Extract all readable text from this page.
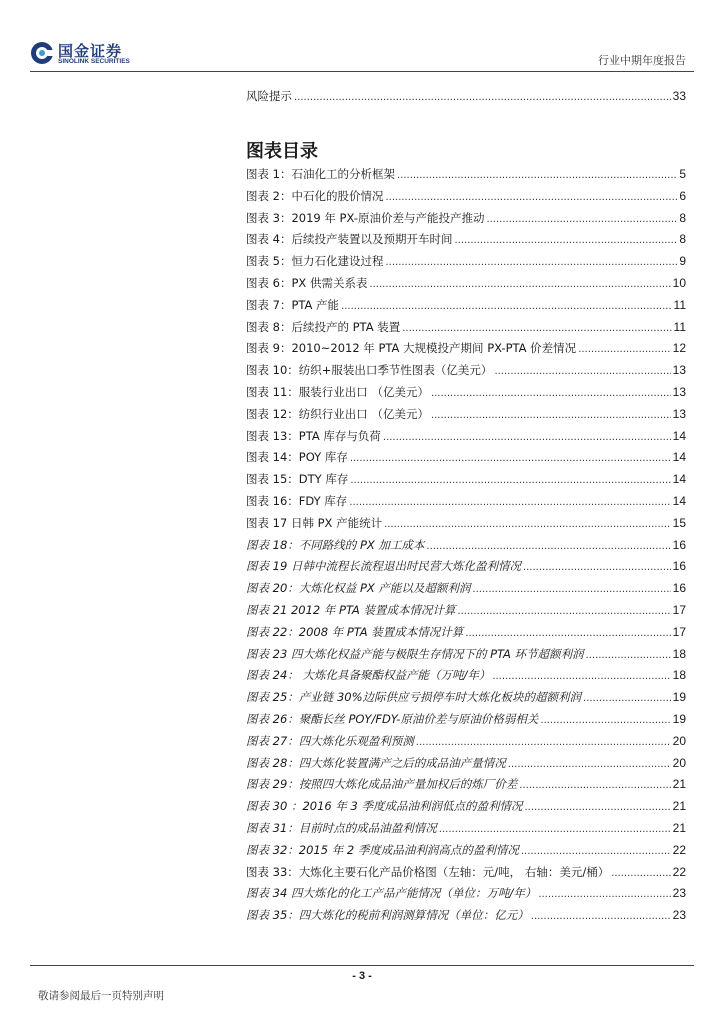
国金证券
SINOLINK SECURITIES	行业中期年度报告
风险提示 .....	33
图表目录
图表 1：石油化工的分析框架 .....	5
图表 2：中石化的股价情况 .....	6
图表 3：2019 年 PX-原油价差与产能投产推动 .....	8
图表 4：后续投产装置以及预期开车时间 .....	8
图表 5：恒力石化建设过程 .....	9
图表 6：PX 供需关系表 .....	10
图表 7：PTA 产能 .....	11
图表 8：后续投产的 PTA 装置 .....	11
图表 9：2010~2012 年 PTA 大规模投产期间 PX-PTA 价差情况 .....	12
图表 10：纺织+服装出口季节性图表（亿美元） .....	13
图表 11：服装行业出口 （亿美元） .....	13
图表 12：纺织行业出口 （亿美元） .....	13
图表 13：PTA 库存与负荷 .....	14
图表 14：POY 库存 .....	14
图表 15：DTY 库存 .....	14
图表 16：FDY 库存 .....	14
图表 17 日韩 PX 产能统计 .....	15
图表 18：不同路线的 PX 加工成本 .....	16
图表 19 日韩中流程长流程退出时民营大炼化盈利情况 .....	16
图表 20：大炼化权益 PX 产能以及超额利润 .....	16
图表 21 2012 年 PTA 装置成本情况计算 .....	17
图表 22：2008 年 PTA 装置成本情况计算 .....	17
图表 23 四大炼化权益产能与极限生存情况下的 PTA 环节超额利润 .....	18
图表 24： 大炼化具备聚酯权益产能（万吨/年） .....	18
图表 25：产业链 30%边际供应亏损停车时大炼化板块的超额利润 .....	19
图表 26：聚酯长丝 POY/FDY-原油价差与原油价格弱相关 .....	19
图表 27：四大炼化乐观盈利预测 .....	20
图表 28：四大炼化装置满产之后的成品油产量情况 .....	20
图表 29：按照四大炼化成品油产量加权后的炼厂价差 .....	21
图表 30 ：2016 年 3 季度成品油利润低点的盈利情况 .....	21
图表 31：目前时点的成品油盈利情况 .....	21
图表 32：2015 年 2 季度成品油利润高点的盈利情况 .....	22
图表 33：大炼化主要石化产品价格图（左轴：元/吨， 右轴：美元/桶） .....	22
图表 34 四大炼化的化工产品产能情况（单位：万吨/年） .....	23
图表 35：四大炼化的税前利润测算情况（单位：亿元） .....	23
- 3 -
敬请参阅最后一页特别声明
